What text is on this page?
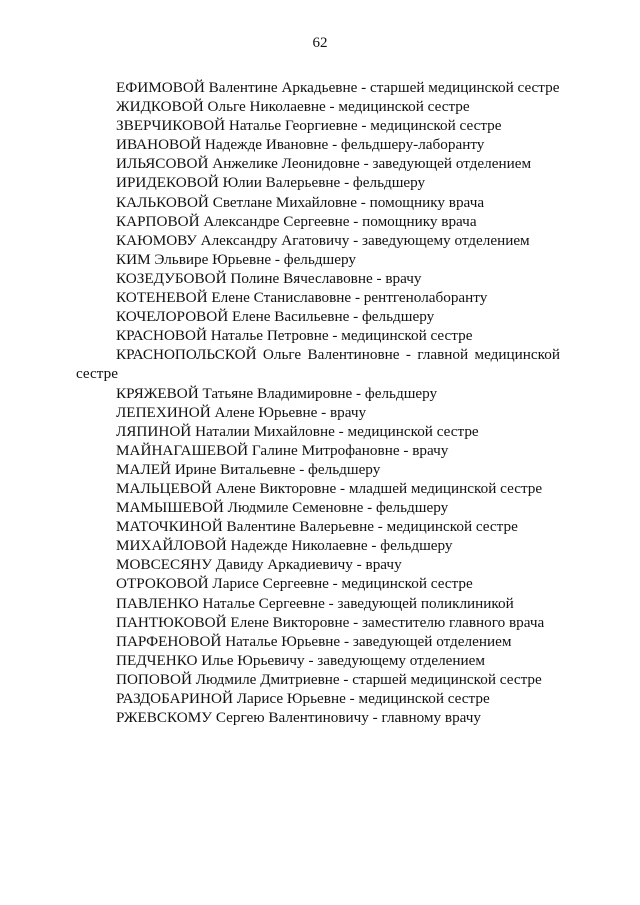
62

ЕФИМОВОЙ Валентине Аркадьевне - старшей медицинской сестре

ЖИДКОВОЙ Ольге Николаевне - медицинской сестре

ЗВЕРЧИКОВОЙ Наталье Георгиевне - медицинской сестре

ИВАНОВОЙ Надежде Ивановне - фельдшеру-лаборанту

ИЛЬЯСОВОЙ Анжелике Леонидовне - заведующей отделением

ИРИДЕКОВОЙ Юлии Валерьевне - фельдшеру

КАЛЬКОВОЙ Светлане Михайловне - помощнику врача

КАРПОВОЙ Александре Сергеевне - помощнику врача

КАЮМОВУ Александру Агатовичу - заведующему отделением

КИМ Эльвире Юрьевне - фельдшеру

КОЗЕДУБОВОЙ Полине Вячеславовне - врачу

КОТЕНЕВОЙ Елене Станиславовне - рентгенолаборанту

КОЧЕЛОРОВОЙ Елене Васильевне - фельдшеру

КРАСНОВОЙ Наталье Петровне - медицинской сестре

КРАСНОПОЛЬСКОЙ Ольге Валентиновне - главной медицинской сестре

КРЯЖЕВОЙ Татьяне Владимировне - фельдшеру

ЛЕПЕХИНОЙ Алене Юрьевне - врачу

ЛЯПИНОЙ Наталии Михайловне - медицинской сестре

МАЙНАГАШЕВОЙ Галине Митрофановне - врачу

МАЛЕЙ Ирине Витальевне - фельдшеру

МАЛЬЦЕВОЙ Алене Викторовне - младшей медицинской сестре

МАМЫШЕВОЙ Людмиле Семеновне - фельдшеру

МАТОЧКИНОЙ Валентине Валерьевне - медицинской сестре

МИХАЙЛОВОЙ Надежде Николаевне - фельдшеру

МОВСЕСЯНУ Давиду Аркадиевичу - врачу

ОТРОКОВОЙ Ларисе Сергеевне - медицинской сестре

ПАВЛЕНКО Наталье Сергеевне - заведующей поликлиникой

ПАНТЮКОВОЙ Елене Викторовне - заместителю главного врача

ПАРФЕНОВОЙ Наталье Юрьевне - заведующей отделением

ПЕДЧЕНКО Илье Юрьевичу - заведующему отделением

ПОПОВОЙ Людмиле Дмитриевне - старшей медицинской сестре

РАЗДОБАРИНОЙ Ларисе Юрьевне - медицинской сестре

РЖЕВСКОМУ Сергею Валентиновичу - главному врачу
